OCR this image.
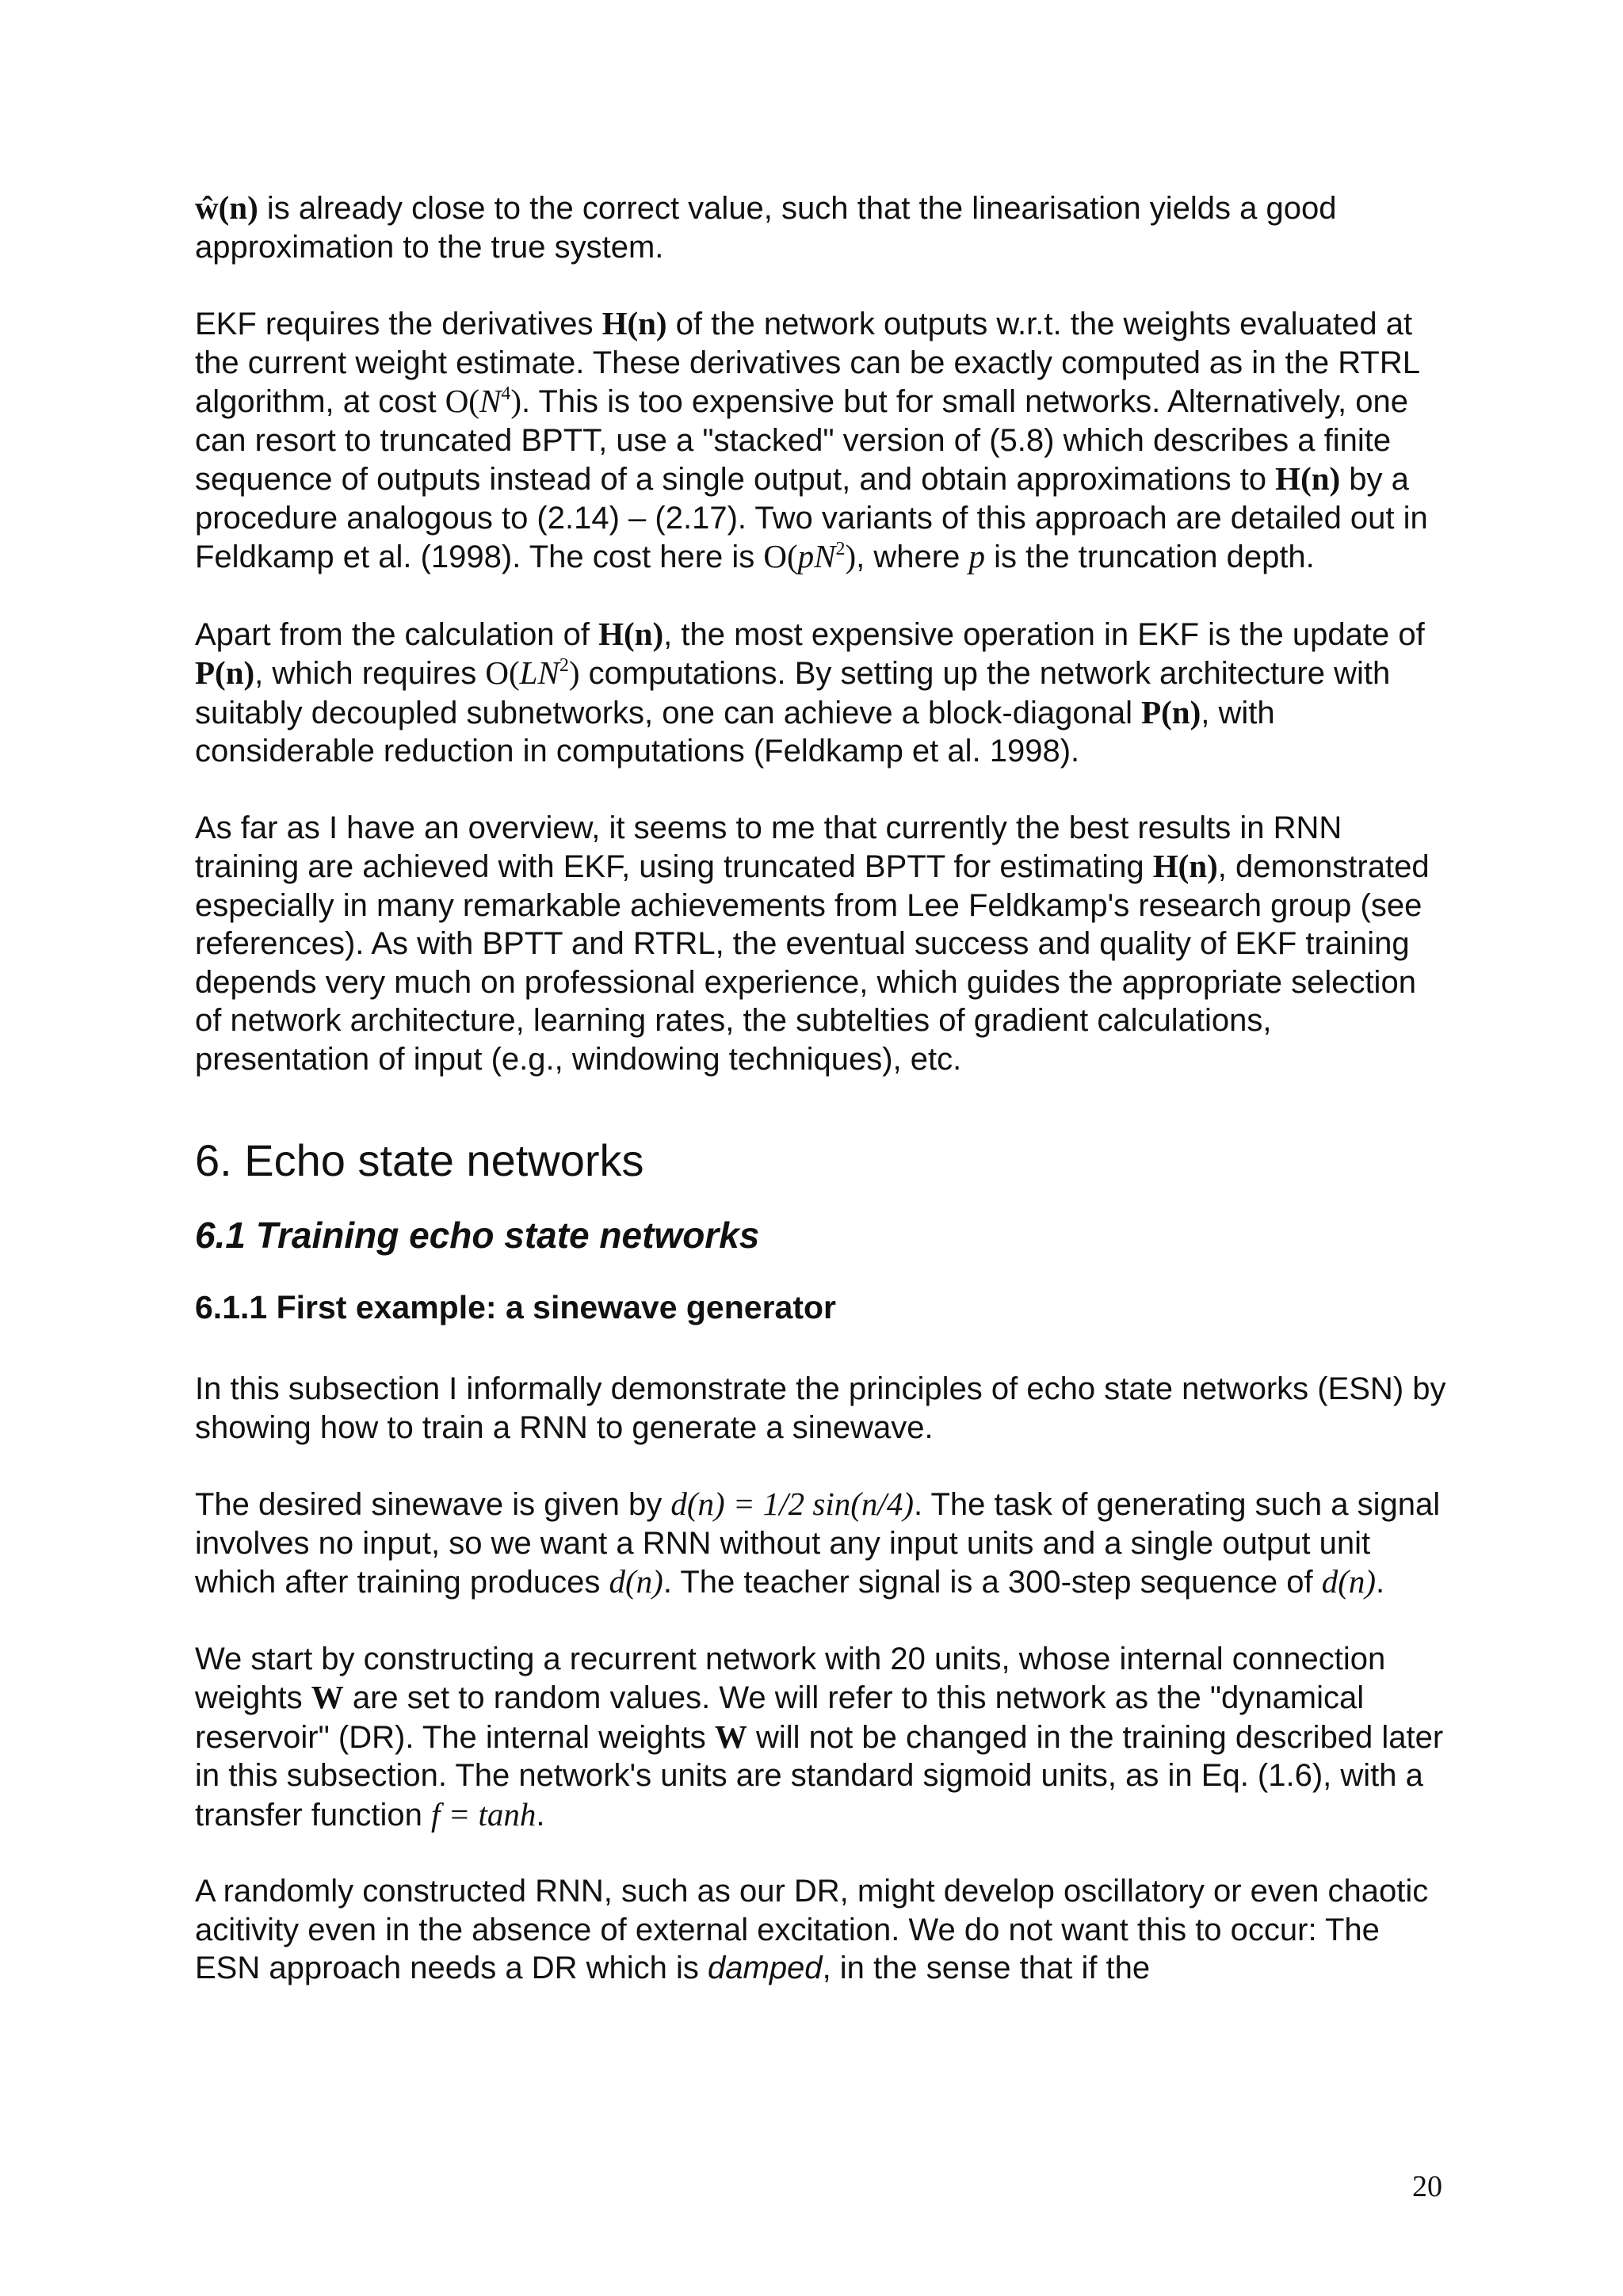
ŵ(n) is already close to the correct value, such that the linearisation yields a good approximation to the true system.

EKF requires the derivatives H(n) of the network outputs w.r.t. the weights evaluated at the current weight estimate. These derivatives can be exactly computed as in the RTRL algorithm, at cost $O(N^4)$. This is too expensive but for small networks. Alternatively, one can resort to truncated BPTT, use a "stacked" version of (5.8) which describes a finite sequence of outputs instead of a single output, and obtain approximations to H(n) by a procedure analogous to (2.14) – (2.17). Two variants of this approach are detailed out in Feldkamp et al. (1998). The cost here is $O(pN^2)$, where p is the truncation depth.

Apart from the calculation of H(n), the most expensive operation in EKF is the update of P(n), which requires $O(LN^2)$ computations. By setting up the network architecture with suitably decoupled subnetworks, one can achieve a block-diagonal P(n), with considerable reduction in computations (Feldkamp et al. 1998).

As far as I have an overview, it seems to me that currently the best results in RNN training are achieved with EKF, using truncated BPTT for estimating H(n), demonstrated especially in many remarkable achievements from Lee Feldkamp's research group (see references). As with BPTT and RTRL, the eventual success and quality of EKF training depends very much on professional experience, which guides the appropriate selection of network architecture, learning rates, the subtelties of gradient calculations, presentation of input (e.g., windowing techniques), etc.

6. Echo state networks
6.1 Training echo state networks
6.1.1 First example: a sinewave generator

In this subsection I informally demonstrate the principles of echo state networks (ESN) by showing how to train a RNN to generate a sinewave.

The desired sinewave is given by d(n) = 1/2 sin(n/4). The task of generating such a signal involves no input, so we want a RNN without any input units and a single output unit which after training produces d(n). The teacher signal is a 300-step sequence of d(n).

We start by constructing a recurrent network with 20 units, whose internal connection weights W are set to random values. We will refer to this network as the "dynamical reservoir" (DR). The internal weights W will not be changed in the training described later in this subsection. The network's units are standard sigmoid units, as in Eq. (1.6), with a transfer function f = tanh.

A randomly constructed RNN, such as our DR, might develop oscillatory or even chaotic acitivity even in the absence of external excitation. We do not want this to occur: The ESN approach needs a DR which is damped, in the sense that if the

20
